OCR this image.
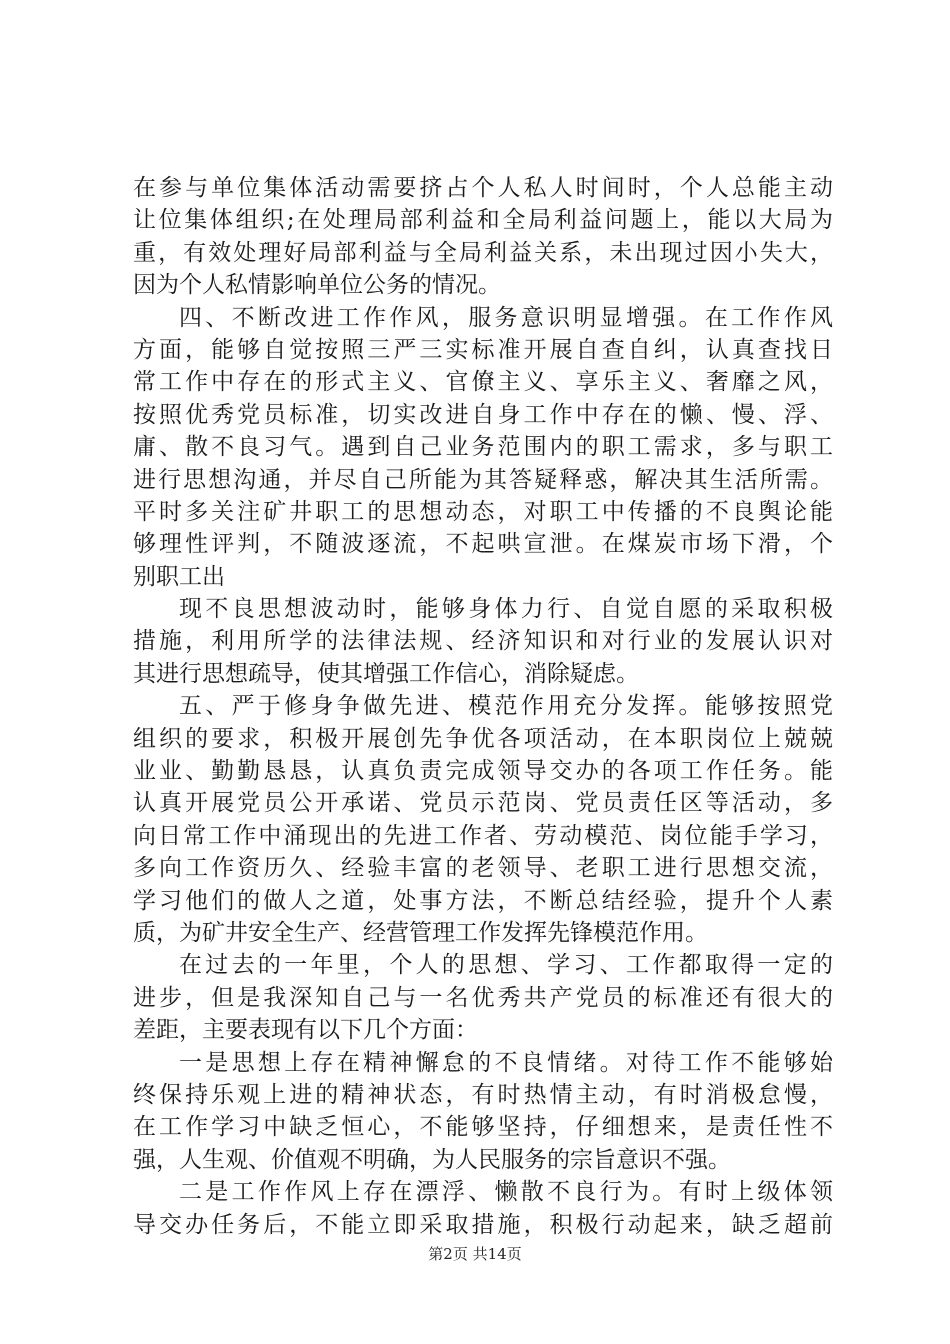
在参与单位集体活动需要挤占个人私人时间时，个人总能主动
让位集体组织;在处理局部利益和全局利益问题上，能以大局为
重，有效处理好局部利益与全局利益关系，未出现过因小失大，
因为个人私情影响单位公务的情况。
四、不断改进工作作风，服务意识明显增强。在工作作风
方面，能够自觉按照三严三实标准开展自查自纠，认真查找日
常工作中存在的形式主义、官僚主义、享乐主义、奢靡之风，
按照优秀党员标准，切实改进自身工作中存在的懒、慢、浮、
庸、散不良习气。遇到自己业务范围内的职工需求，多与职工
进行思想沟通，并尽自己所能为其答疑释惑，解决其生活所需。
平时多关注矿井职工的思想动态，对职工中传播的不良舆论能
够理性评判，不随波逐流，不起哄宣泄。在煤炭市场下滑，个
别职工出
现不良思想波动时，能够身体力行、自觉自愿的采取积极
措施，利用所学的法律法规、经济知识和对行业的发展认识对
其进行思想疏导，使其增强工作信心，消除疑虑。
五、严于修身争做先进、模范作用充分发挥。能够按照党
组织的要求，积极开展创先争优各项活动，在本职岗位上兢兢
业业、勤勤恳恳，认真负责完成领导交办的各项工作任务。能
认真开展党员公开承诺、党员示范岗、党员责任区等活动，多
向日常工作中涌现出的先进工作者、劳动模范、岗位能手学习，
多向工作资历久、经验丰富的老领导、老职工进行思想交流，
学习他们的做人之道，处事方法，不断总结经验，提升个人素
质，为矿井安全生产、经营管理工作发挥先锋模范作用。
在过去的一年里，个人的思想、学习、工作都取得一定的
进步，但是我深知自己与一名优秀共产党员的标准还有很大的
差距，主要表现有以下几个方面：
一是思想上存在精神懈怠的不良情绪。对待工作不能够始
终保持乐观上进的精神状态，有时热情主动，有时消极怠慢，
在工作学习中缺乏恒心，不能够坚持，仔细想来，是责任性不
强，人生观、价值观不明确，为人民服务的宗旨意识不强。
二是工作作风上存在漂浮、懒散不良行为。有时上级体领
导交办任务后，不能立即采取措施，积极行动起来，缺乏超前
第2页 共14页
